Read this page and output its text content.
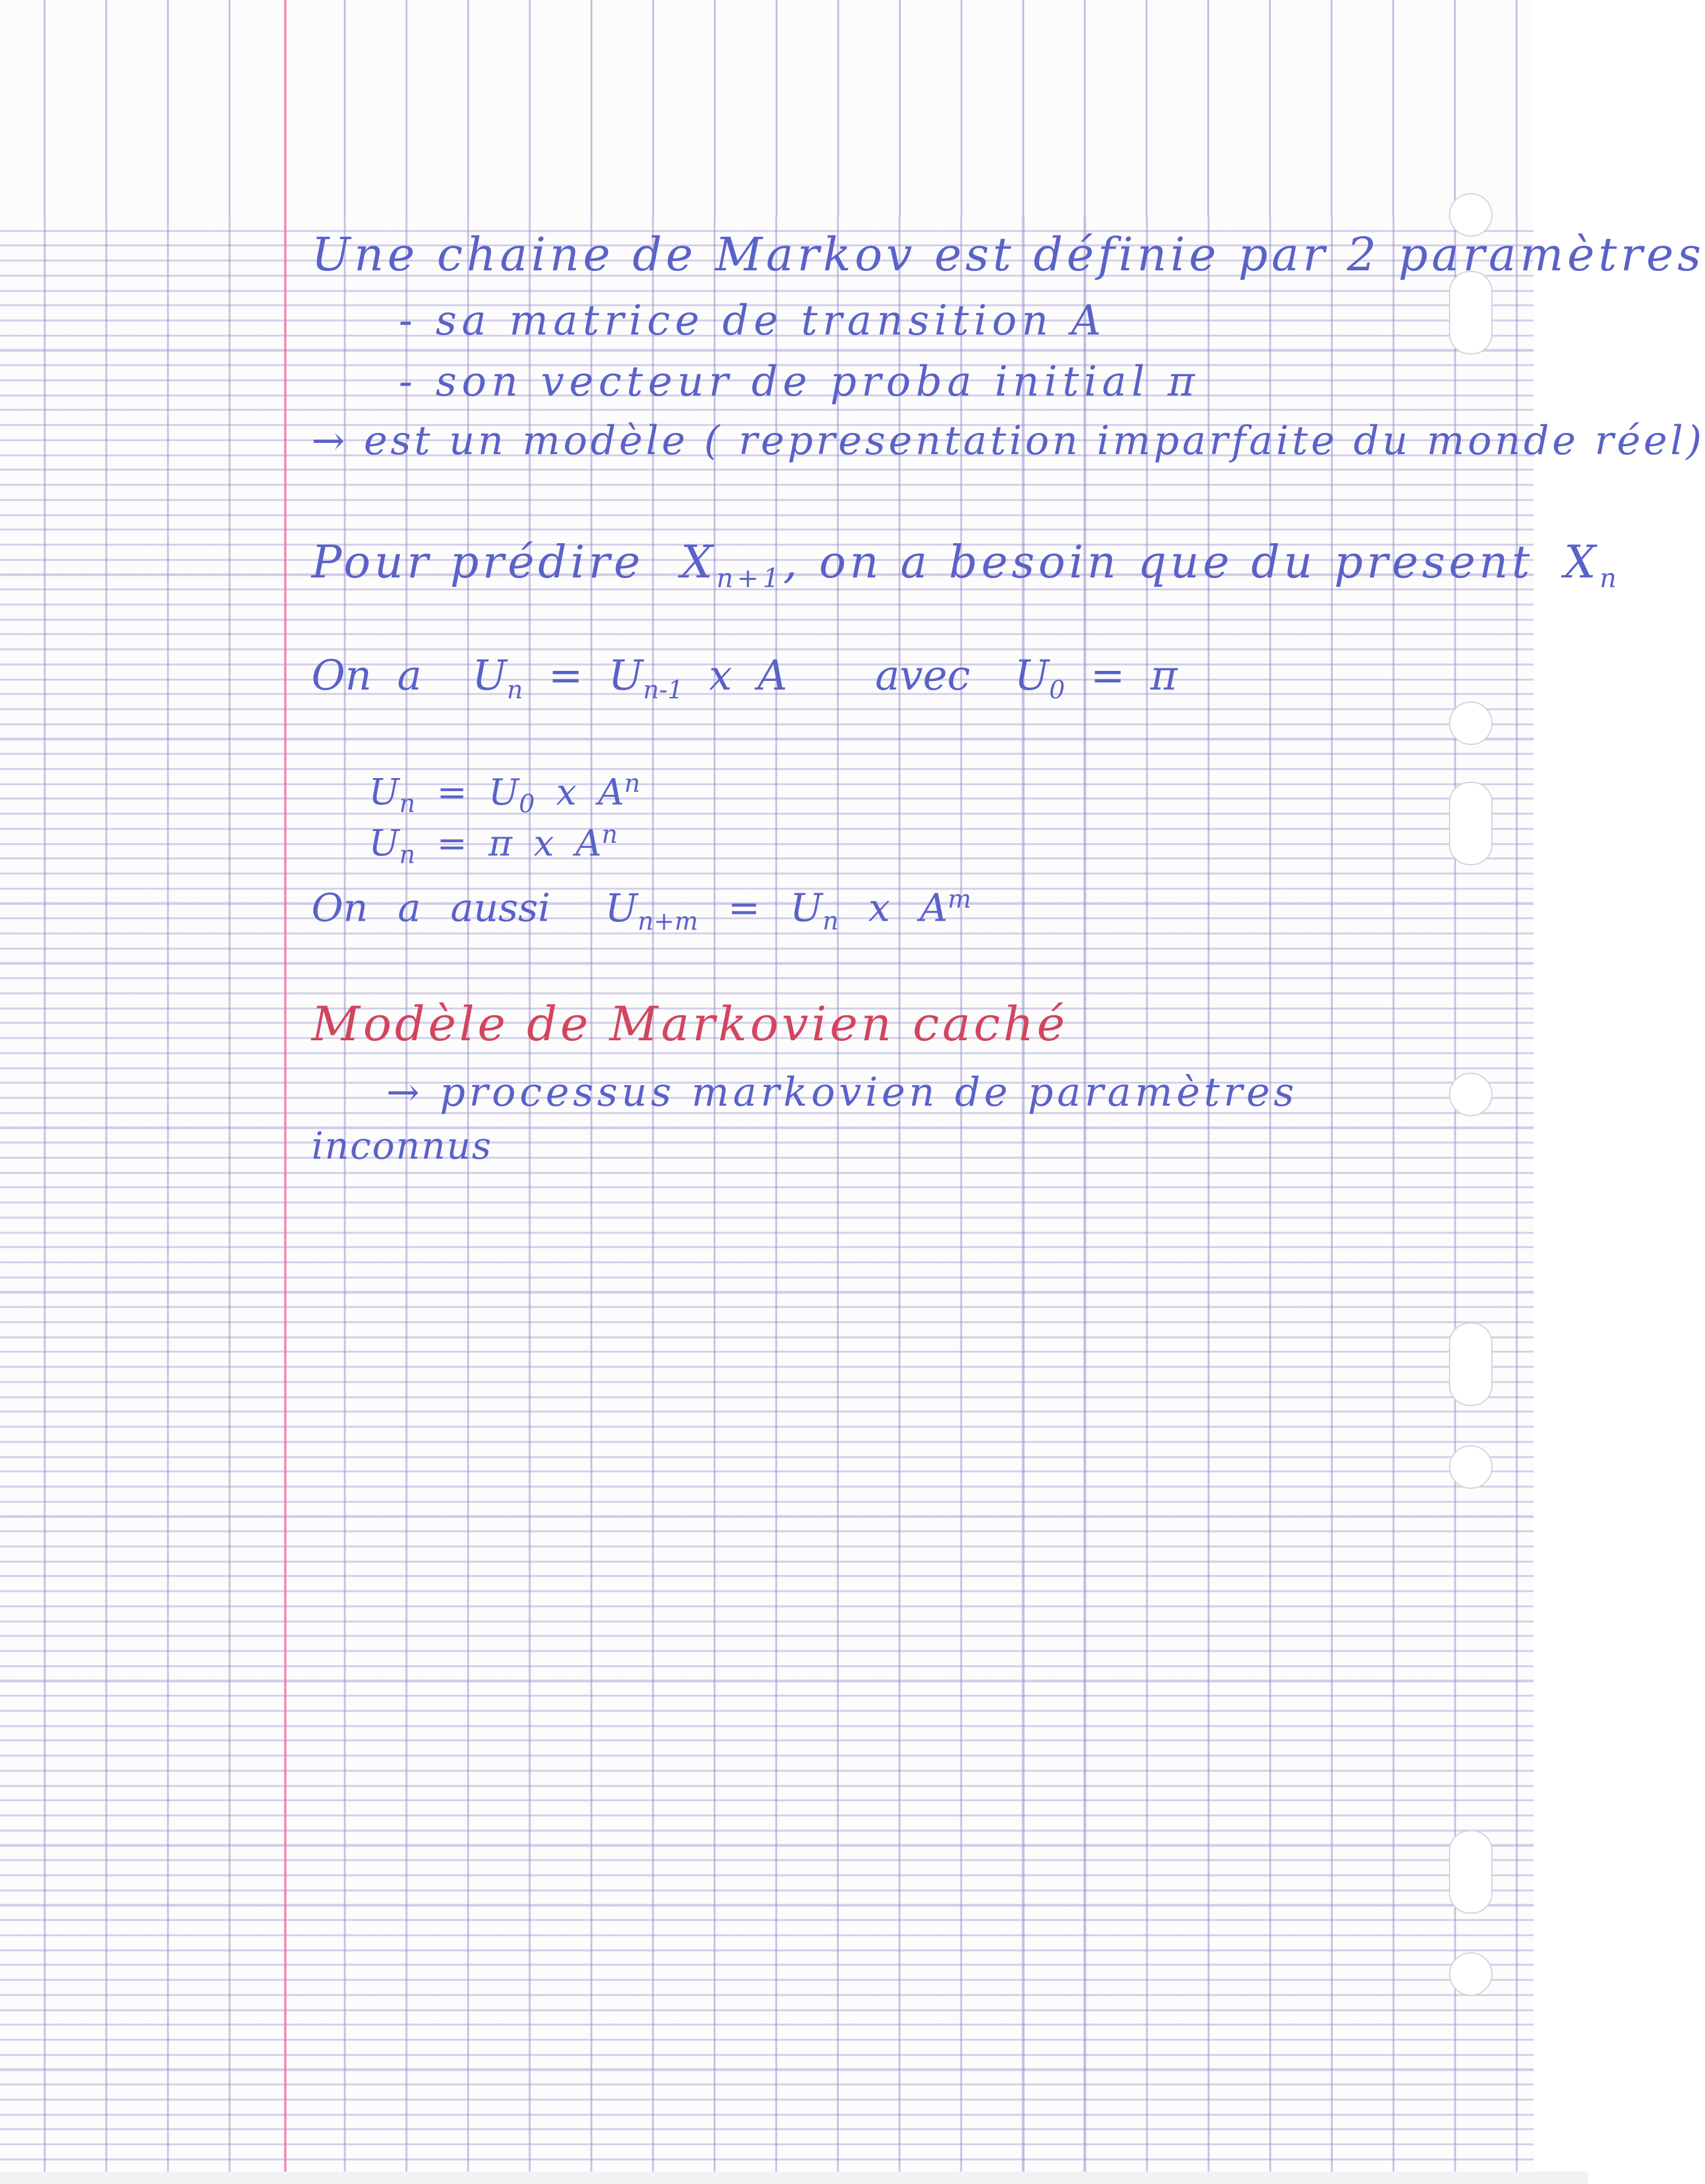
Une chaine de Markov est définie par 2 paramètres

- sa matrice de transition A

- son vecteur de proba initial π

→ est un modèle ( representation imparfaite du monde réel)

Pour prédire $X_{n+1}$, on a besoin que du present $X_n$
On a $U_n = U_{n-1}$ x A avec $U_0 = \pi$
$U_n = U_0$ x $A^n$
$U_n = \pi$ x $A^n$
On a aussi $U_{n+m} = U_n$ x $A^m$

Modèle de Markovien caché

→ processus markovien de paramètres

inconnus
